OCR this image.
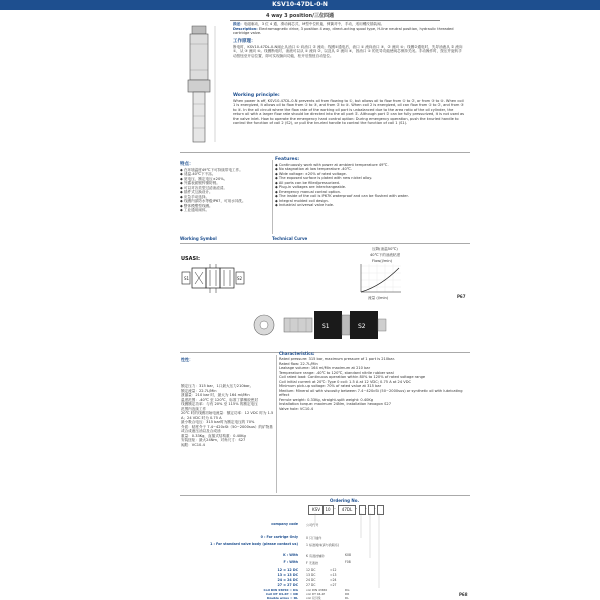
KSV10-47DL-0-N
4 way 3 position/三位四通
描述：电磁驱动，3 位 4 通，滑动阀芯式，M型中位机能，弹簧对中，手动，适用螺纹插装阀。
Description: Electromagnetic drive, 3 position 4 way, direct-acting spool type, H-line neutral position, hydraulic threaded cartridge valve.
工作原理：
断电时，KSV10-47DL-0-N阀止从油口 ① 向油口 ② 流动；线圈①通电后，油口 ① 流向油口 ③，② 流向 ④；线圈②通电时，先导油液从 ② 流向 ①，从 ③ 流向 ④。线圈断电时，油液可以从 ① 流向 ②，以及从 ② 流向 ④，因油口 ① 的先导功能使阀芯保持关闭。手动操作时，按压并旋转手动按钮至开启位置，即可实现换向功能，松开后按钮自动复位。
Working principle:
When power is off, KSV10-47DL-0-N prevents oil from flowing to ①, but allows oil to flow from ① to ②, or from ③ to ④. When coil 1 is energized, it allows oil to flow from ① to ③, and from ② to ④. When coil 2 is energized, oil can flow from ① to ②, and from ③ to ④. In the oil circuit where the flow rate of the working oil port is unbalanced due to the area ratio of the oil cylinder, the return oil with a larger flow rate should be directed into the oil port ②. Although port ② can be fully pressurized, it is not used as the valve inlet. How to operate the emergency hand control option: During emergency operation, push the knurled handle to control the function of coil 2 (S2), or pull the knurled handle to control the function of coil 1 (S1).
特点：
◆ 在环境温度49℃下可持续带电工作。
◆ 适温-40℃下不冻。
◆ 宽电压，额定电压±20%。
◆ 外露表面镀锌镍防锈。
◆ 可以对各类型过滤油滤清。
◆ 插件式互换设计。
◆ 应急手动选择。
◆ 线圈内部防水等级IP67，可用水冲洗。
◆ 整体模塑型线圈。
◆ 工业通用阀体。
Features:
◆ Continuously work with power at ambient temperature 49℃.
◆ No stagnation at low temperature -40℃.
◆ Wide voltage: ±20% of rated voltage.
◆ The exposed surface is plated with new nickel alloy.
◆ All ports can be filled/pressurized.
◆ Plug-in voltages are interchangeable.
◆ Emergency manual control option.
◆ The inside of the coil is IP67K waterproof and can be flushed with water.
◆ Integral molded coil design.
◆ Industrial universal valve hole.
Working Symbol	Technical Curve
USASI:
S1	S2
压降(油温50℃)
40℃下的油液粘度
Flow(l/min)
流量 (l/min)	P67
S1	S2
性性：
额定压力：315 bar，1口最大压力210bar。
额定流量：22.7L/Min
泄漏量：210 bar 时，最大为 164 ml/Min
温度范围：-40℃ 至 120℃，标准丁腈橡胶密封
线圈额定功率：与有 20% 至 115% 的额定电压
范围内连续工作
20℃ 时的线圈初始电流量：额定功率：12 VDC 时为 1.5 A；24 VDC 时为 0.75 A
最小吸合电压：315 bar时为额定电压的 70%
介质：粘度介于 7.4~420cSt（50~2000sus）的矿物基或合成液压油以及合成油
重量：0.33Kg，直插式结构重：0.40Kg
安装扭矩：最大24Nm，对角尺寸：S27
阀腔：VC10-4
Characteristics:
Rated pressure: 315 bar, maximum pressure of 1 port is 210bar.
Rated flow: 22.7L/Min
Leakage volume: 164 ml/Min maximum at 210 bar
Temperature range: -40℃ to 120℃, standard nitrile rubber seal
Coil rated load: Continuous operation within 80% to 120% of rated voltage range
Coil initial current at 20℃: Type 0 coil: 1.5 A at 12 VDC; 0.75 A at 24 VDC
Minimum pick-up voltage: 70% of rated value at 315 bar
Medium: Mineral oil with viscosity between 7.4~420cSt (50~2000sus) or synthetic oil with lubricating effect
Ferrule weight: 0.33Kg, straight-split weight: 0.40Kg
Installation torque: maximum 24Nm, installation hexagon S27
Valve hole: VC10-4
Ordering No.
KSV	10 -	47DL -	-	-
company code	公司代号
0 : For cartrige Only	0 只订插件
1 : For standard valve body (please contact us)	1 标准阀体(请与我联系)
K : With	K 有液控辅助	K08
F : With	F 无液控	F08
12 = 12 DC	12 DC	≈12
13 = 13 DC	13 DC	≈13
24 = 24 DC	24 DC	≈24
27 = 27 DC	27 DC	≈27
Coil DIN 43650 = DG	coil DIN 43650	DG
Coil DT 04-2P = DR	coil DT 04-2P	DR
Double wires = DL	coil 双引线	DL
P68
